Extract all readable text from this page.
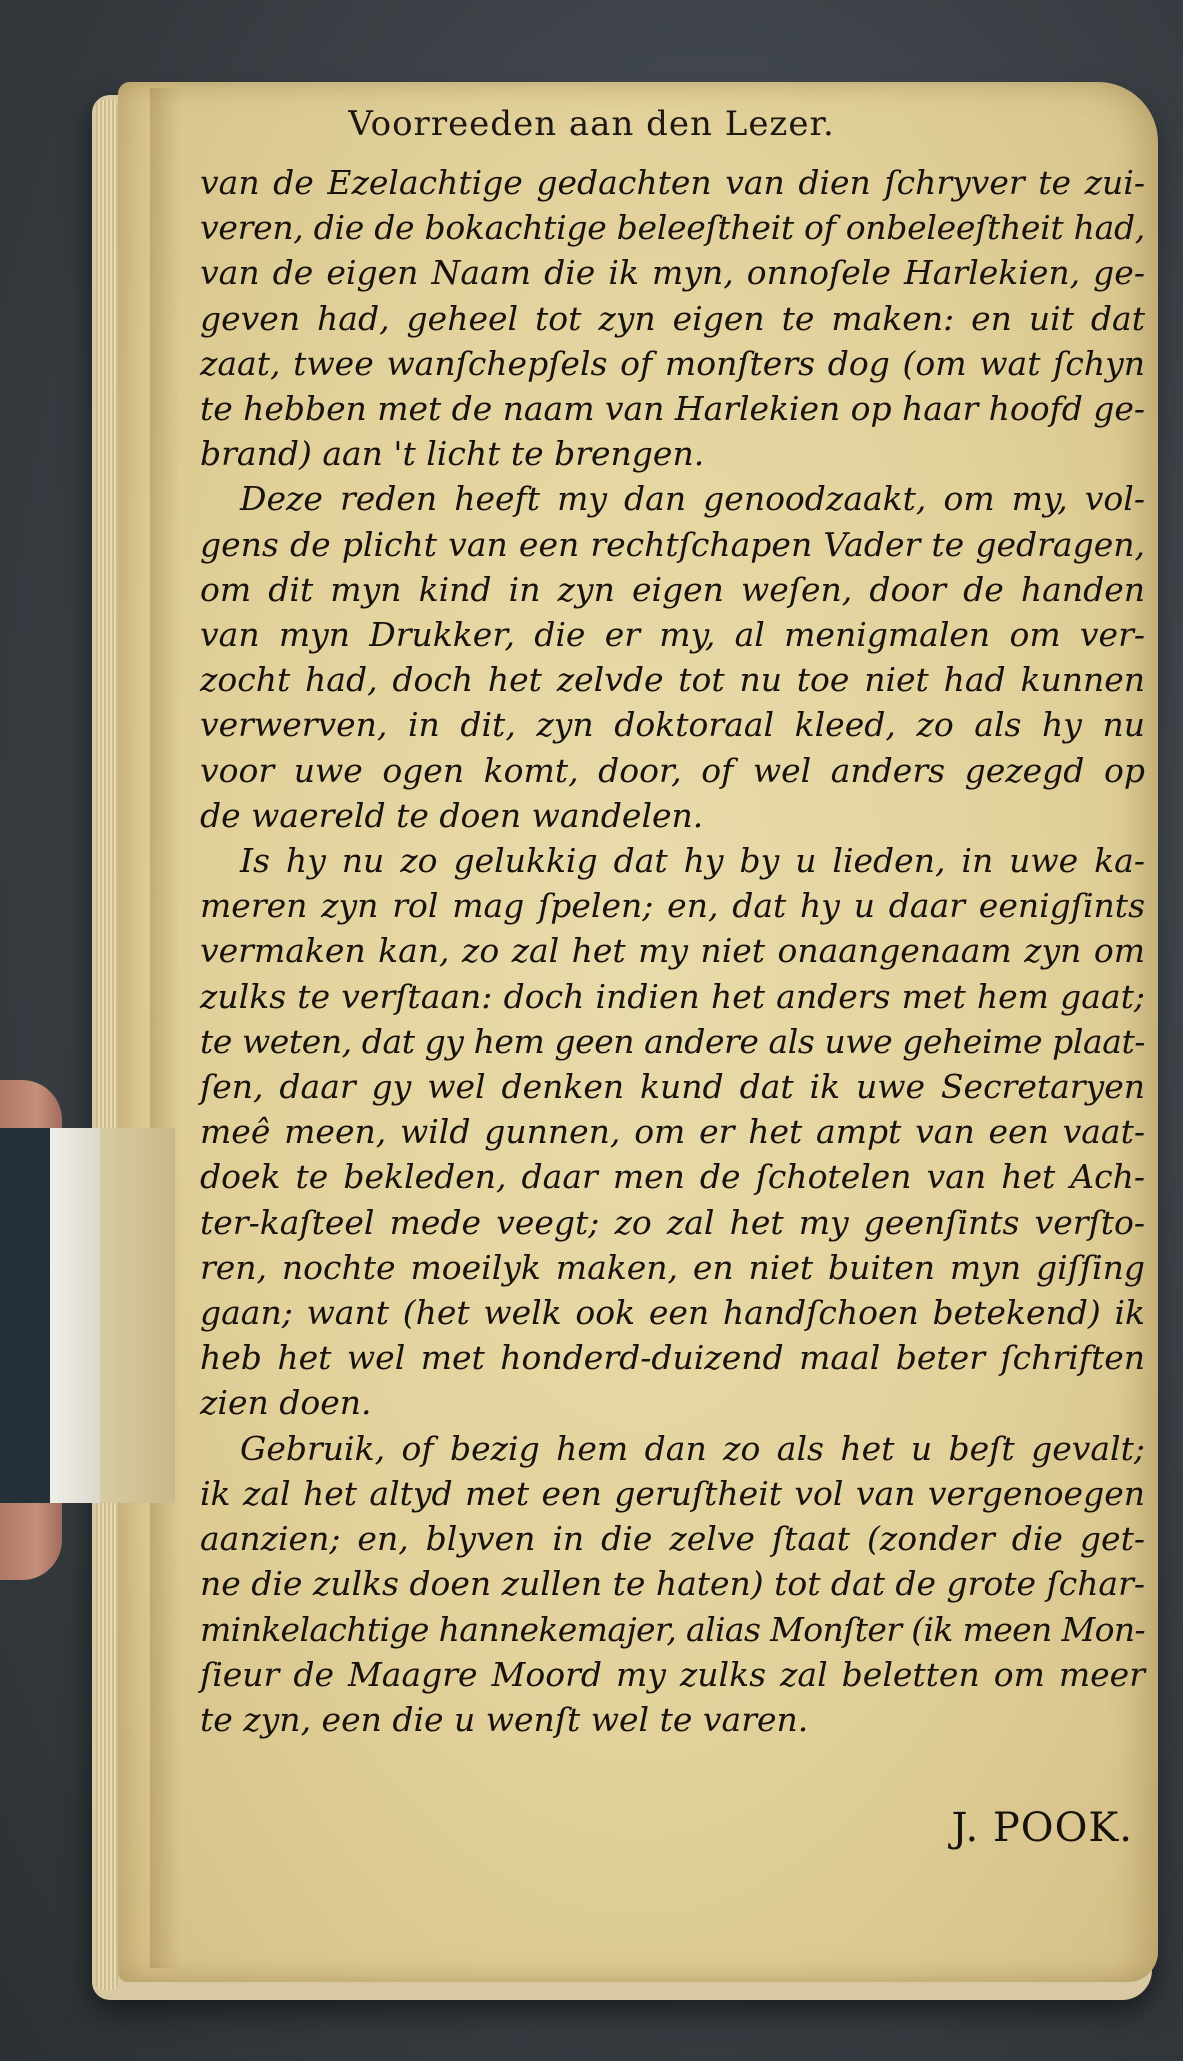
Voorreeden aan den Lezer.
van de Ezelachtige gedachten van dien ſchryver te zui-
veren, die de bokachtige beleeſtheit of onbeleeſtheit had,
van de eigen Naam die ik myn, onnoſele Harlekien, ge-
geven had, geheel tot zyn eigen te maken: en uit dat
zaat, twee wanſchepſels of monſters dog (om wat ſchyn
te hebben met de naam van Harlekien op haar hoofd ge-
brand) aan 't licht te brengen.
Deze reden heeft my dan genoodzaakt, om my, vol-
gens de plicht van een rechtſchapen Vader te gedragen,
om dit myn kind in zyn eigen weſen, door de handen
van myn Drukker, die er my, al menigmalen om ver-
zocht had, doch het zelvde tot nu toe niet had kunnen
verwerven, in dit, zyn doktoraal kleed, zo als hy nu
voor uwe ogen komt, door, of wel anders gezegd op
de waereld te doen wandelen.
Is hy nu zo gelukkig dat hy by u lieden, in uwe ka-
meren zyn rol mag ſpelen; en, dat hy u daar eenigſints
vermaken kan, zo zal het my niet onaangenaam zyn om
zulks te verſtaan: doch indien het anders met hem gaat;
te weten, dat gy hem geen andere als uwe geheime plaat-
ſen, daar gy wel denken kund dat ik uwe Secretaryen
meê meen, wild gunnen, om er het ampt van een vaat-
doek te bekleden, daar men de ſchotelen van het Ach-
ter-kaſteel mede veegt; zo zal het my geenſints verſto-
ren, nochte moeilyk maken, en niet buiten myn giſſing
gaan; want (het welk ook een handſchoen betekend) ik
heb het wel met honderd-duizend maal beter ſchriften
zien doen.
Gebruik, of bezig hem dan zo als het u beſt gevalt;
ik zal het altyd met een geruſtheit vol van vergenoegen
aanzien; en, blyven in die zelve ſtaat (zonder die get-
ne die zulks doen zullen te haten) tot dat de grote ſchar-
minkelachtige hannekemajer, alias Monſter (ik meen Mon-
ſieur de Maagre Moord my zulks zal beletten om meer
te zyn, een die u wenſt wel te varen.
J. POOK.
